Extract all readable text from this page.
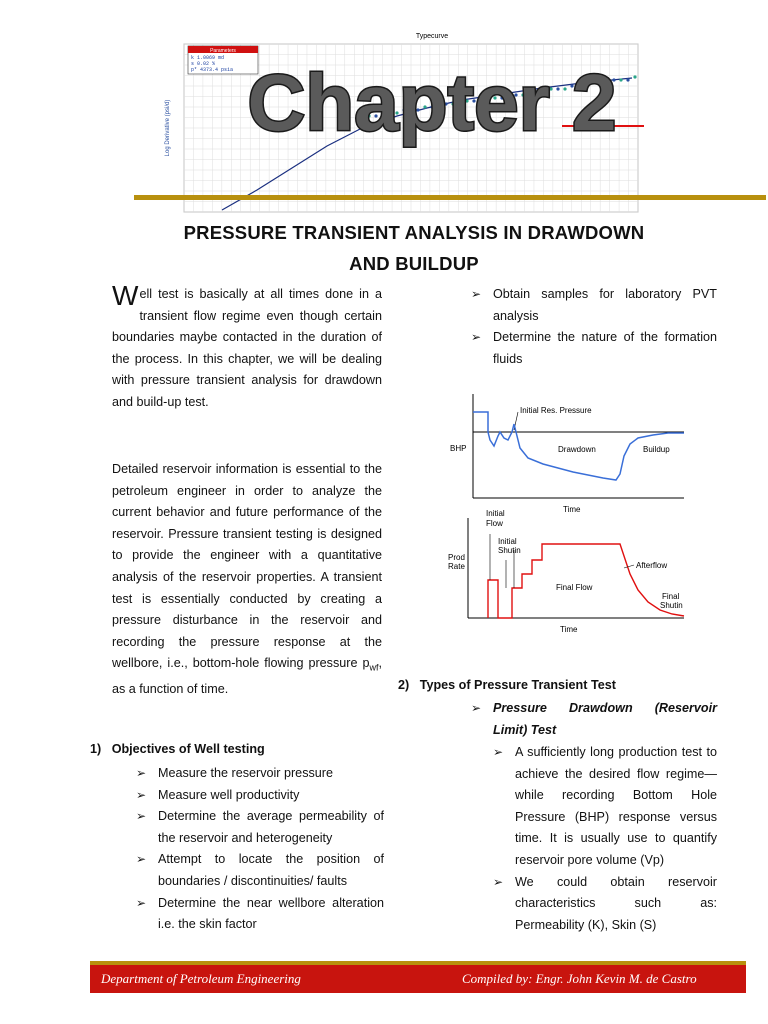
Typecurve
Log Derivative (psi/d)
Parameters
k 1.0069 md
s 0.02 %
p* 4373.4 psia Chapter 2
PRESSURE TRANSIENT ANALYSIS IN DRAWDOWN
AND BUILDUP
Well test is basically at all times done in a transient flow regime even though certain boundaries maybe contacted in the duration of the process. In this chapter, we will be dealing with pressure transient analysis for drawdown and build-up test.
Detailed reservoir information is essential to the petroleum engineer in order to analyze the current behavior and future performance of the reservoir. Pressure transient testing is designed to provide the engineer with a quantitative analysis of the reservoir properties. A transient test is essentially conducted by creating a pressure disturbance in the reservoir and recording the pressure response at the wellbore, i.e., bottom-hole flowing pressure $p_{wf}$, as a function of time.
1)   Objectives of Well testing
➢ Measure the reservoir pressure
➢ Measure well productivity
➢ Determine the average permeability of the reservoir and heterogeneity
➢ Attempt to locate the position of boundaries / discontinuities/ faults
➢ Determine the near wellbore alteration i.e. the skin factor
➢ Obtain samples for laboratory PVT analysis
➢ Determine the nature of the formation fluids
Initial Res. Pressure
BHP	Drawdown	Buildup
Time
Initial
Flow
Initial
Shutin
Prod
Rate
Final Flow
Afterflow
Final
Shutin
Time
2)   Types of Pressure Transient Test
➢ Pressure Drawdown (Reservoir Limit) Test
➢ A sufficiently long production test to achieve the desired flow regime—while recording Bottom Hole Pressure (BHP) response versus time. It is usually use to quantify reservoir pore volume (Vp)
➢ We could obtain reservoir characteristics such as: Permeability (K), Skin (S)
Department of Petroleum Engineering	Compiled by: Engr. John Kevin M. de Castro
